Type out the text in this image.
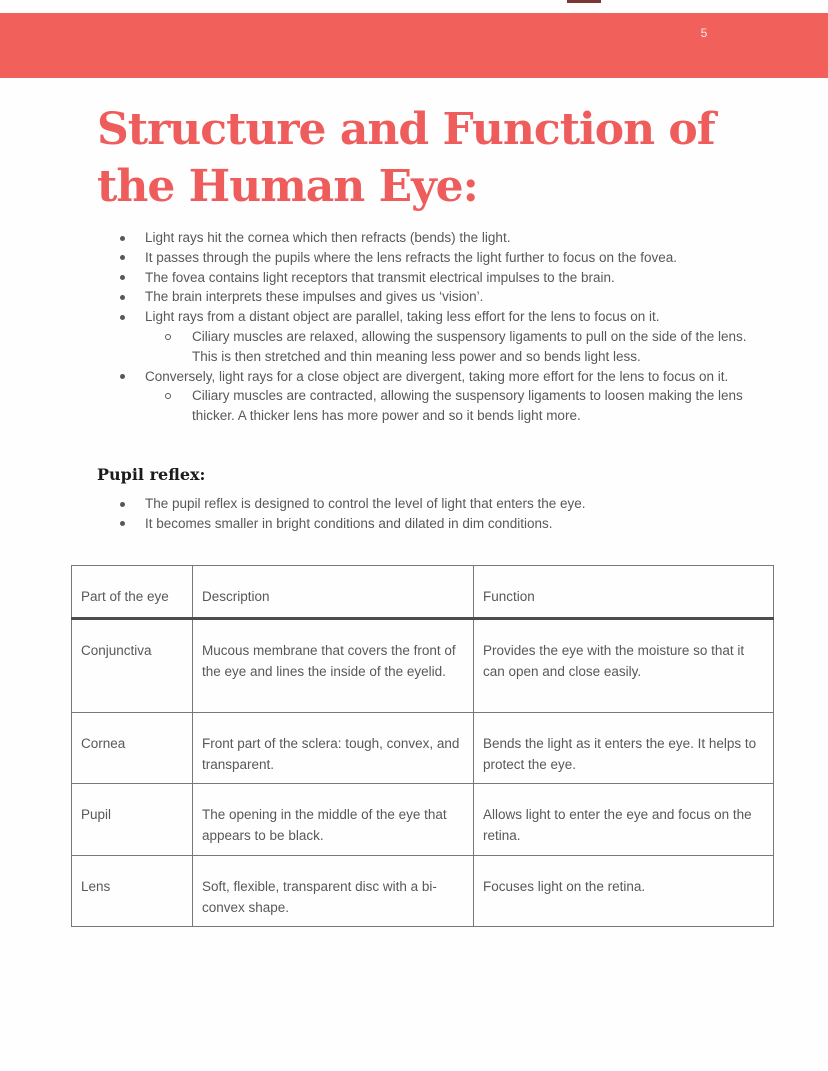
5
Structure and Function of
the Human Eye:
Light rays hit the cornea which then refracts (bends) the light.
It passes through the pupils where the lens refracts the light further to focus on the fovea.
The fovea contains light receptors that transmit electrical impulses to the brain.
The brain interprets these impulses and gives us ‘vision’.
Light rays from a distant object are parallel, taking less effort for the lens to focus on it.
Ciliary muscles are relaxed, allowing the suspensory ligaments to pull on the side of the lens. This is then stretched and thin meaning less power and so bends light less.
Conversely, light rays for a close object are divergent, taking more effort for the lens to focus on it.
Ciliary muscles are contracted, allowing the suspensory ligaments to loosen making the lens thicker. A thicker lens has more power and so it bends light more.
Pupil reflex:
The pupil reflex is designed to control the level of light that enters the eye.
It becomes smaller in bright conditions and dilated in dim conditions.
Part of the eye	Description	Function
Conjunctiva	Mucous membrane that covers the front of the eye and lines the inside of the eyelid.	Provides the eye with the moisture so that it can open and close easily.
Cornea	Front part of the sclera: tough, convex, and transparent.	Bends the light as it enters the eye. It helps to protect the eye.
Pupil	The opening in the middle of the eye that appears to be black.	Allows light to enter the eye and focus on the retina.
Lens	Soft, flexible, transparent disc with a bi-convex shape.	Focuses light on the retina.
